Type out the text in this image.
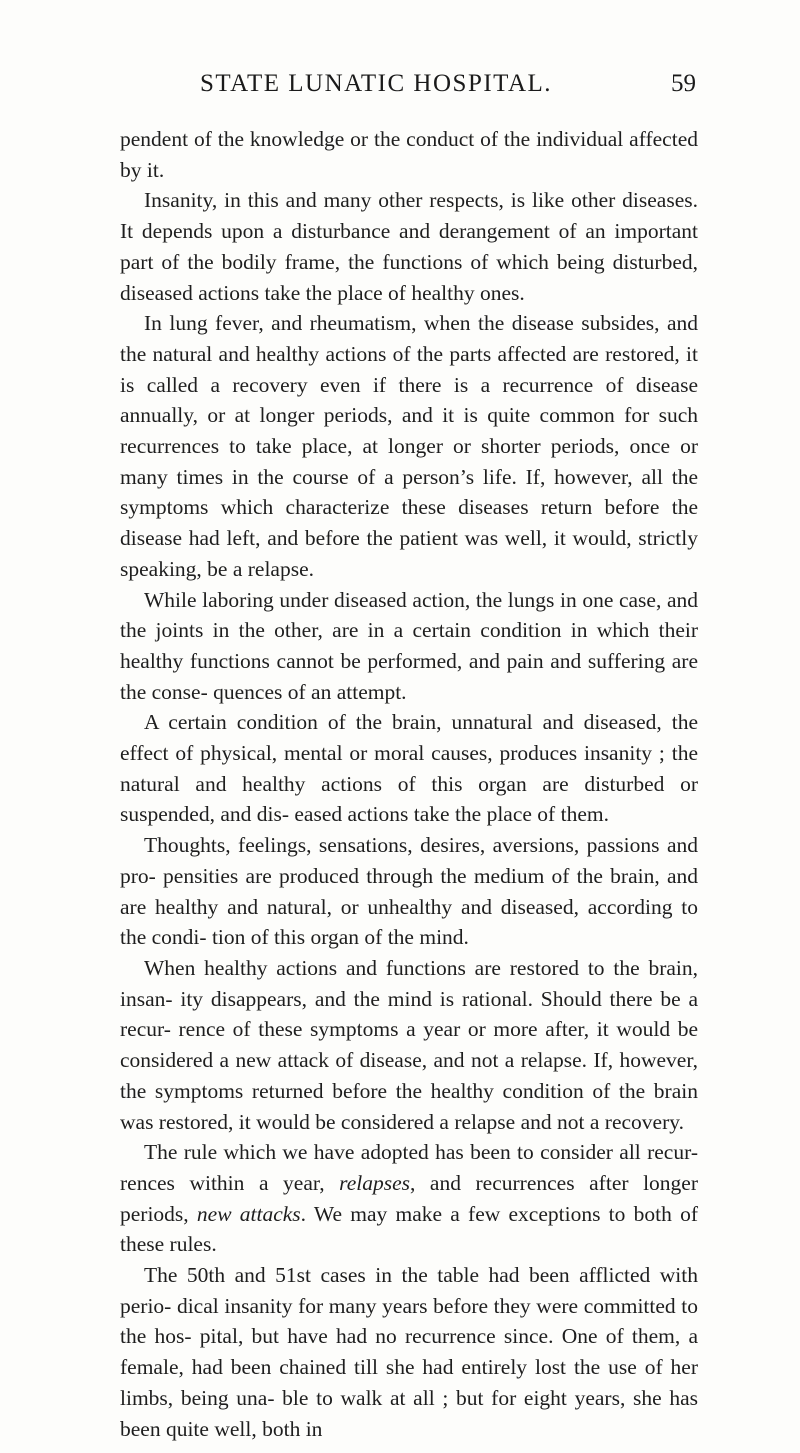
STATE LUNATIC HOSPITAL.	59

pendent of the knowledge or the conduct of the individual affected by it.

Insanity, in this and many other respects, is like other diseases. It depends upon a disturbance and derangement of an important part of the bodily frame, the functions of which being disturbed, diseased actions take the place of healthy ones.

In lung fever, and rheumatism, when the disease subsides, and the natural and healthy actions of the parts affected are restored, it is called a recovery even if there is a recurrence of disease annually, or at longer periods, and it is quite common for such recurrences to take place, at longer or shorter periods, once or many times in the course of a person’s life. If, however, all the symptoms which characterize these diseases return before the disease had left, and before the patient was well, it would, strictly speaking, be a relapse.

While laboring under diseased action, the lungs in one case, and the joints in the other, are in a certain condition in which their healthy functions cannot be performed, and pain and suffering are the conse- quences of an attempt.

A certain condition of the brain, unnatural and diseased, the effect of physical, mental or moral causes, produces insanity ; the natural and healthy actions of this organ are disturbed or suspended, and dis- eased actions take the place of them.

Thoughts, feelings, sensations, desires, aversions, passions and pro- pensities are produced through the medium of the brain, and are healthy and natural, or unhealthy and diseased, according to the condi- tion of this organ of the mind.

When healthy actions and functions are restored to the brain, insan- ity disappears, and the mind is rational. Should there be a recur- rence of these symptoms a year or more after, it would be considered a new attack of disease, and not a relapse. If, however, the symptoms returned before the healthy condition of the brain was restored, it would be considered a relapse and not a recovery.

The rule which we have adopted has been to consider all recur- rences within a year, relapses, and recurrences after longer periods, new attacks. We may make a few exceptions to both of these rules.

The 50th and 51st cases in the table had been afflicted with perio- dical insanity for many years before they were committed to the hos- pital, but have had no recurrence since. One of them, a female, had been chained till she had entirely lost the use of her limbs, being una- ble to walk at all ; but for eight years, she has been quite well, both in
